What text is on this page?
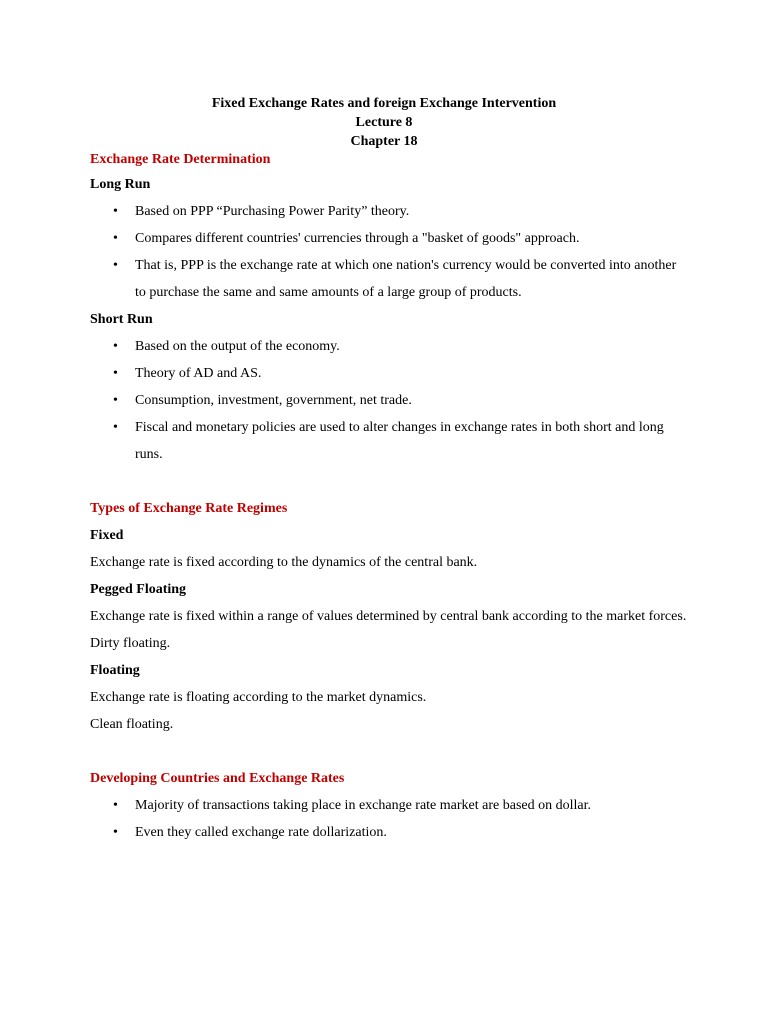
Fixed Exchange Rates and foreign Exchange Intervention
Lecture 8
Chapter 18
Exchange Rate Determination
Long Run
• Based on PPP “Purchasing Power Parity” theory.
• Compares different countries' currencies through a "basket of goods" approach.
• That is, PPP is the exchange rate at which one nation's currency would be converted into another to purchase the same and same amounts of a large group of products.
Short Run
• Based on the output of the economy.
• Theory of AD and AS.
• Consumption, investment, government, net trade.
• Fiscal and monetary policies are used to alter changes in exchange rates in both short and long runs.
Types of Exchange Rate Regimes
Fixed
Exchange rate is fixed according to the dynamics of the central bank.
Pegged Floating
Exchange rate is fixed within a range of values determined by central bank according to the market forces.
Dirty floating.
Floating
Exchange rate is floating according to the market dynamics.
Clean floating.
Developing Countries and Exchange Rates
• Majority of transactions taking place in exchange rate market are based on dollar.
• Even they called exchange rate dollarization.
